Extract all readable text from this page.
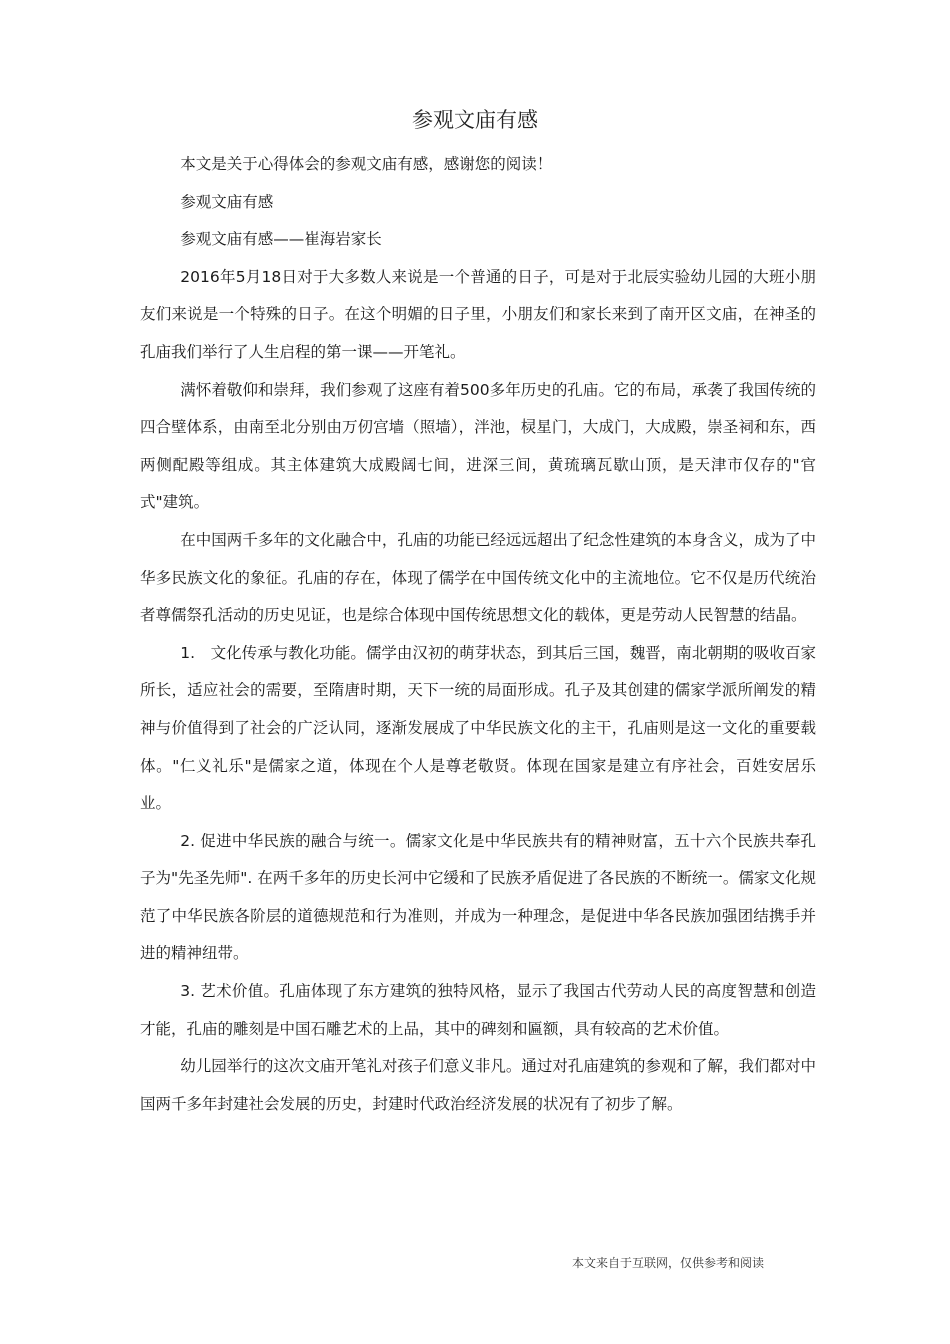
参观文庙有感

本文是关于心得体会的参观文庙有感，感谢您的阅读！

参观文庙有感

参观文庙有感——崔海岩家长

2016年5月18日对于大多数人来说是一个普通的日子，可是对于北辰实验幼儿园的大班小朋友们来说是一个特殊的日子。在这个明媚的日子里，小朋友们和家长来到了南开区文庙，在神圣的孔庙我们举行了人生启程的第一课——开笔礼。

满怀着敬仰和崇拜，我们参观了这座有着500多年历史的孔庙。它的布局，承袭了我国传统的四合壁体系，由南至北分别由万仞宫墙（照墙），泮池，棂星门，大成门，大成殿，崇圣祠和东，西两侧配殿等组成。其主体建筑大成殿阔七间，进深三间，黄琉璃瓦歇山顶，是天津市仅存的"官式"建筑。

在中国两千多年的文化融合中，孔庙的功能已经远远超出了纪念性建筑的本身含义，成为了中华多民族文化的象征。孔庙的存在，体现了儒学在中国传统文化中的主流地位。它不仅是历代统治者尊儒祭孔活动的历史见证，也是综合体现中国传统思想文化的载体，更是劳动人民智慧的结晶。

1.　文化传承与教化功能。儒学由汉初的萌芽状态，到其后三国，魏晋，南北朝期的吸收百家所长，适应社会的需要，至隋唐时期，天下一统的局面形成。孔子及其创建的儒家学派所阐发的精神与价值得到了社会的广泛认同，逐渐发展成了中华民族文化的主干，孔庙则是这一文化的重要载体。"仁义礼乐"是儒家之道，体现在个人是尊老敬贤。体现在国家是建立有序社会，百姓安居乐业。

2. 促进中华民族的融合与统一。儒家文化是中华民族共有的精神财富，五十六个民族共奉孔子为"先圣先师". 在两千多年的历史长河中它缓和了民族矛盾促进了各民族的不断统一。儒家文化规范了中华民族各阶层的道德规范和行为准则，并成为一种理念，是促进中华各民族加强团结携手并进的精神纽带。

3. 艺术价值。孔庙体现了东方建筑的独特风格，显示了我国古代劳动人民的高度智慧和创造才能，孔庙的雕刻是中国石雕艺术的上品，其中的碑刻和匾额，具有较高的艺术价值。

幼儿园举行的这次文庙开笔礼对孩子们意义非凡。通过对孔庙建筑的参观和了解，我们都对中国两千多年封建社会发展的历史，封建时代政治经济发展的状况有了初步了解。

本文来自于互联网，仅供参考和阅读
